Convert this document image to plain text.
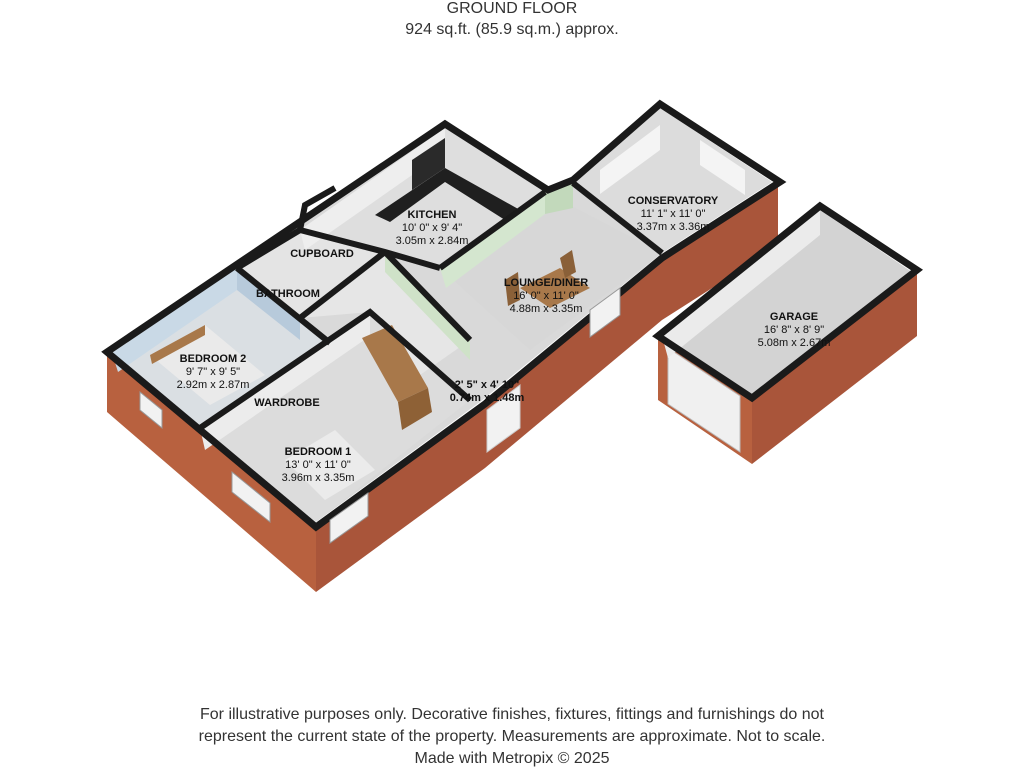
GROUND FLOOR
924 sq.ft. (85.9 sq.m.) approx.
KITCHEN
10' 0" x 9' 4"
3.05m x 2.84m
CONSERVATORY
11' 1" x 11' 0"
3.37m x 3.36m
CUPBOARD
BATHROOM
LOUNGE/DINER
16' 0" x 11' 0"
4.88m x 3.35m
GARAGE
16' 8" x 8' 9"
5.08m x 2.67m
BEDROOM 2
9' 7" x 9' 5"
2.92m x 2.87m
WARDROBE
2' 5" x 4' 10"
0.74m x 1.48m
BEDROOM 1
13' 0" x 11' 0"
3.96m x 3.35m
For illustrative purposes only. Decorative finishes, fixtures, fittings and furnishings do not
represent the current state of the property. Measurements are approximate. Not to scale.
Made with Metropix © 2025
